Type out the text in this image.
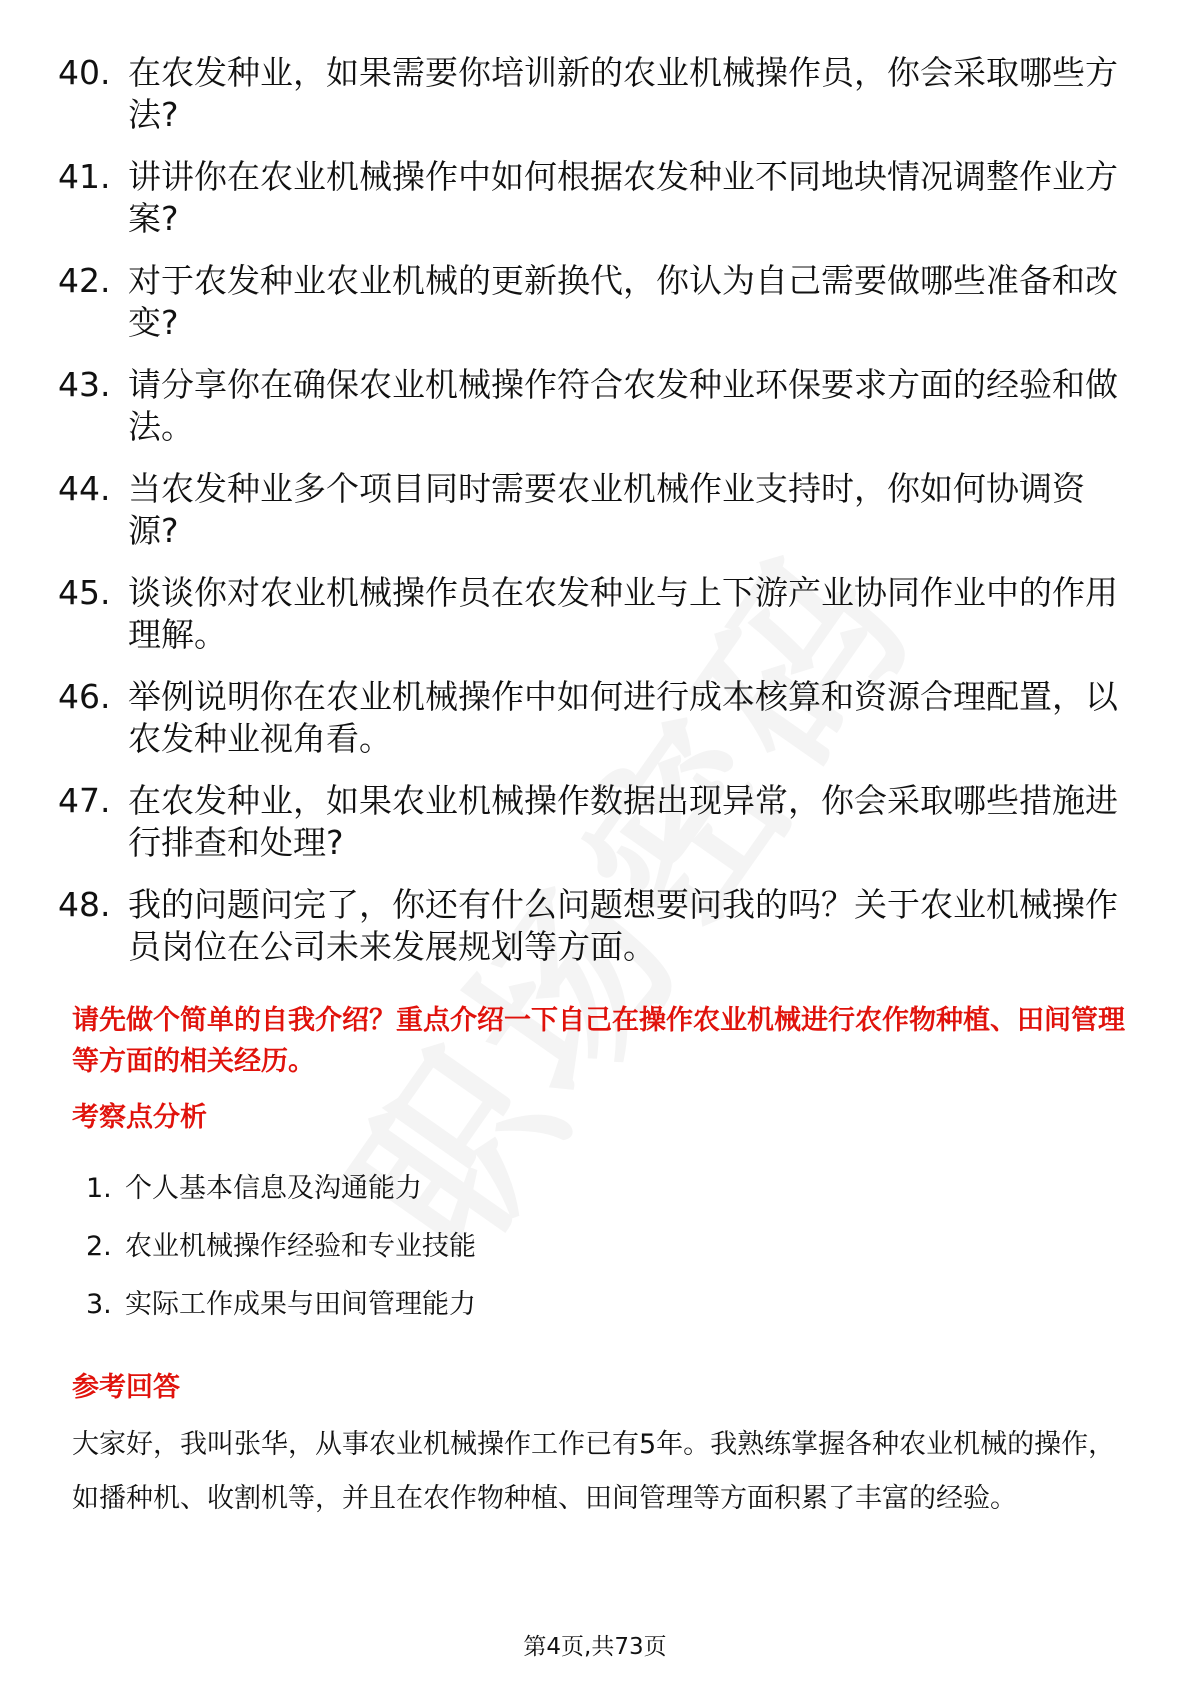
40. 在农发种业，如果需要你培训新的农业机械操作员，你会采取哪些方法?
41. 讲讲你在农业机械操作中如何根据农发种业不同地块情况调整作业方案?
42. 对于农发种业农业机械的更新换代，你认为自己需要做哪些准备和改变?
43. 请分享你在确保农业机械操作符合农发种业环保要求方面的经验和做法。
44. 当农发种业多个项目同时需要农业机械作业支持时，你如何协调资源?
45. 谈谈你对农业机械操作员在农发种业与上下游产业协同作业中的作用理解。
46. 举例说明你在农业机械操作中如何进行成本核算和资源合理配置，以农发种业视角看。
47. 在农发种业，如果农业机械操作数据出现异常，你会采取哪些措施进行排查和处理?
48. 我的问题问完了，你还有什么问题想要问我的吗？关于农业机械操作员岗位在公司未来发展规划等方面。
请先做个简单的自我介绍？重点介绍一下自己在操作农业机械进行农作物种植、田间管理等方面的相关经历。
考察点分析
1. 个人基本信息及沟通能力
2. 农业机械操作经验和专业技能
3. 实际工作成果与田间管理能力
参考回答
大家好，我叫张华，从事农业机械操作工作已有5年。我熟练掌握各种农业机械的操作，如播种机、收割机等，并且在农作物种植、田间管理等方面积累了丰富的经验。
第4页,共73页
